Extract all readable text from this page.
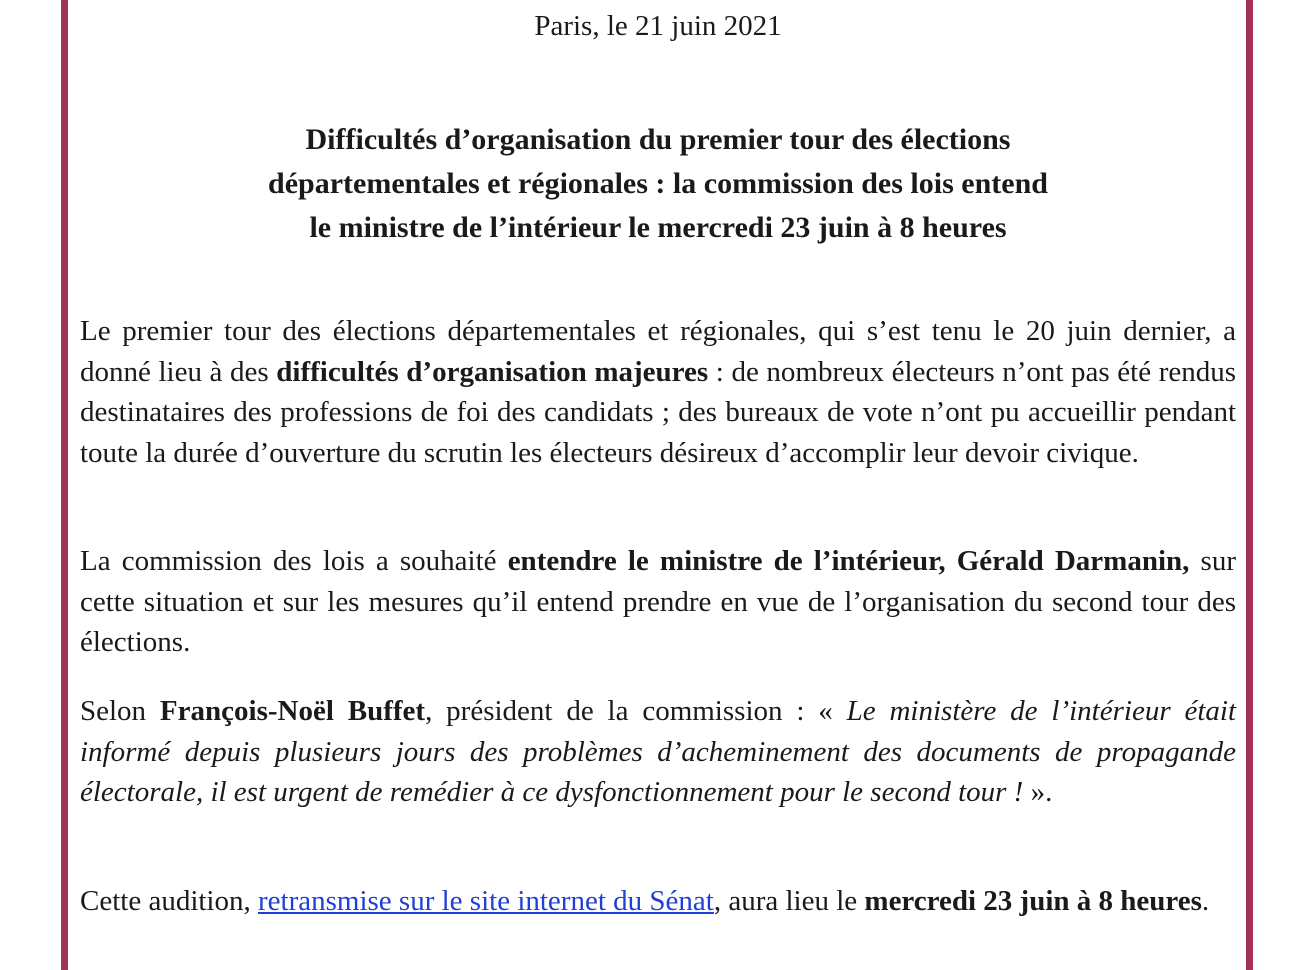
Paris, le 21 juin 2021
Difficultés d’organisation du premier tour des élections
départementales et régionales : la commission des lois entend
le ministre de l’intérieur le mercredi 23 juin à 8 heures

Le premier tour des élections départementales et régionales, qui s’est tenu le 20 juin dernier, a donné lieu à des difficultés d’organisation majeures : de nombreux électeurs n’ont pas été rendus destinataires des professions de foi des candidats ; des bureaux de vote n’ont pu accueillir pendant toute la durée d’ouverture du scrutin les électeurs désireux d’accomplir leur devoir civique.

La commission des lois a souhaité entendre le ministre de l’intérieur, Gérald Darmanin, sur cette situation et sur les mesures qu’il entend prendre en vue de l’organisation du second tour des élections.

Selon François-Noël Buffet, président de la commission : « Le ministère de l’intérieur était informé depuis plusieurs jours des problèmes d’acheminement des documents de propagande électorale, il est urgent de remédier à ce dysfonctionnement pour le second tour ! ».

Cette audition, retransmise sur le site internet du Sénat, aura lieu le mercredi 23 juin à 8 heures.
